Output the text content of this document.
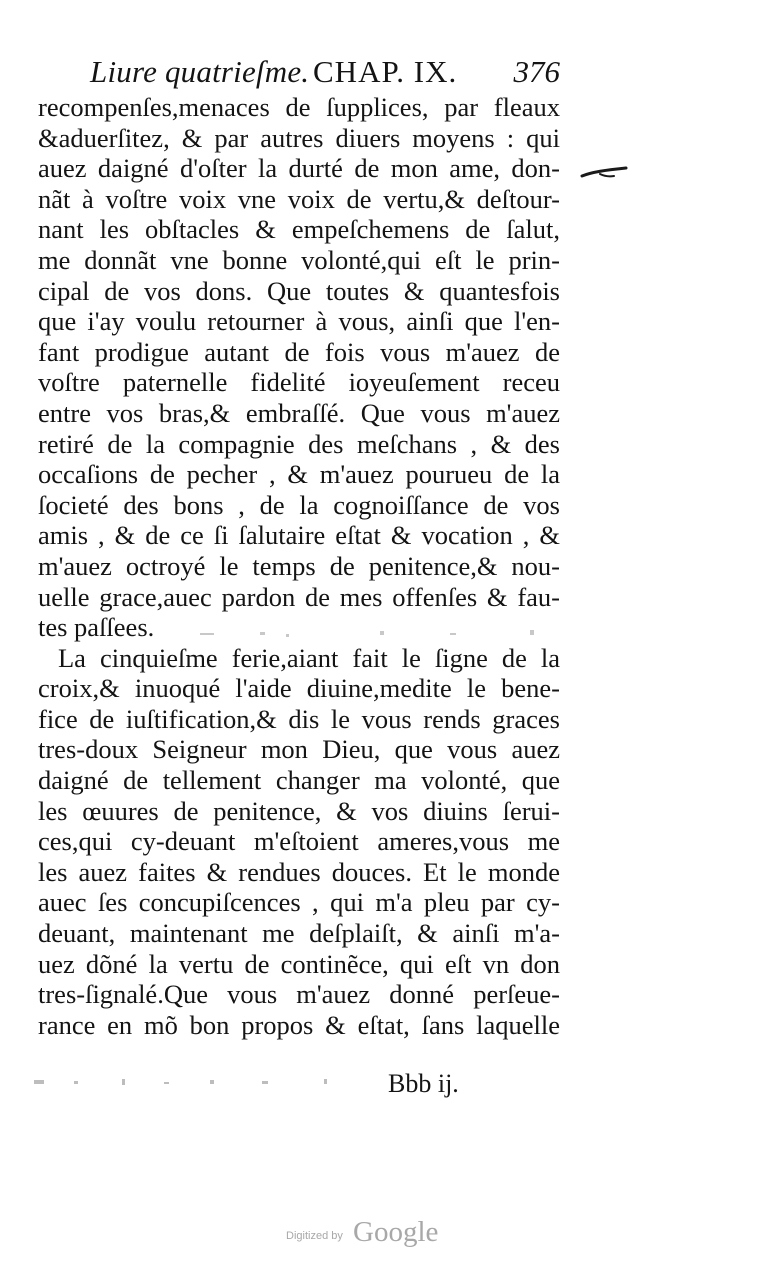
Liure quatrieſme. CHAP. IX. 376
recompenſes,menaces de ſupplices, par fleaux
&aduerſitez, & par autres diuers moyens : qui
auez daigné d'oſter la durté de mon ame, don-
nãt à voſtre voix vne voix de vertu,& deſtour-
nant les obſtacles & empeſchemens de ſalut,
me donnãt vne bonne volonté,qui eſt le prin-
cipal de vos dons. Que toutes & quantesfois
que i'ay voulu retourner à vous, ainſi que l'en-
fant prodigue autant de fois vous m'auez de
voſtre paternelle fidelité ioyeuſement receu
entre vos bras,& embraſſé. Que vous m'auez
retiré de la compagnie des meſchans , & des
occaſions de pecher , & m'auez pourueu de la
ſocieté des bons , de la cognoiſſance de vos
amis , & de ce ſi ſalutaire eſtat & vocation , &
m'auez octroyé le temps de penitence,& nou-
uelle grace,auec pardon de mes offenſes & fau-
tes paſſees.
La cinquieſme ferie,aiant fait le ſigne de la
croix,& inuoqué l'aide diuine,medite le bene-
fice de iuſtification,& dis le vous rends graces
tres-doux Seigneur mon Dieu, que vous auez
daigné de tellement changer ma volonté, que
les œuures de penitence, & vos diuins ſerui-
ces,qui cy-deuant m'eſtoient ameres,vous me
les auez faites & rendues douces. Et le monde
auec ſes concupiſcences , qui m'a pleu par cy-
deuant, maintenant me deſplaiſt, & ainſi m'a-
uez dõné la vertu de continẽce, qui eſt vn don
tres-ſignalé.Que vous m'auez donné perſeue-
rance en mõ bon propos & eſtat, ſans laquelle
Bbb ij.
Digitized by Google
